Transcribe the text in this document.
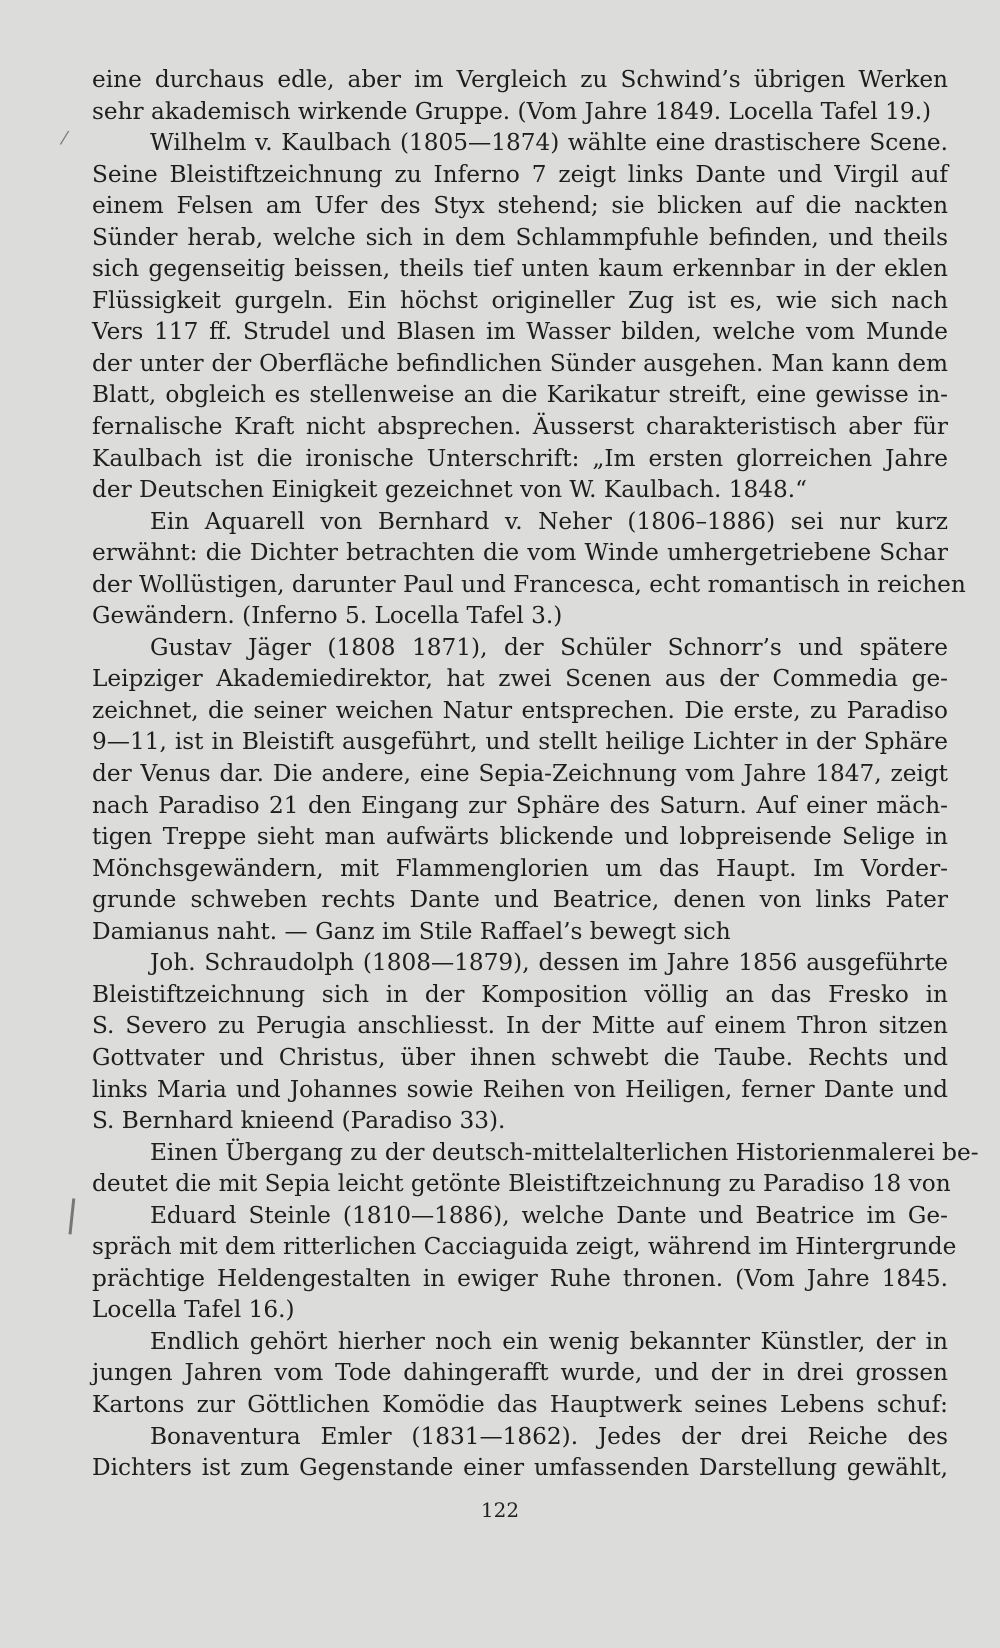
⁄
|
eine durchaus edle, aber im Vergleich zu Schwind’s übrigen Werken
sehr akademisch wirkende Gruppe. (Vom Jahre 1849. Locella Tafel 19.)
Wilhelm v. Kaulbach (1805—1874) wählte eine drastischere Scene.
Seine Bleistiftzeichnung zu Inferno 7 zeigt links Dante und Virgil auf
einem Felsen am Ufer des Styx stehend; sie blicken auf die nackten
Sünder herab, welche sich in dem Schlammpfuhle befinden, und theils
sich gegenseitig beissen, theils tief unten kaum erkennbar in der eklen
Flüssigkeit gurgeln. Ein höchst origineller Zug ist es, wie sich nach
Vers 117 ff. Strudel und Blasen im Wasser bilden, welche vom Munde
der unter der Oberfläche befindlichen Sünder ausgehen. Man kann dem
Blatt, obgleich es stellenweise an die Karikatur streift, eine gewisse in-
fernalische Kraft nicht absprechen. Äusserst charakteristisch aber für
Kaulbach ist die ironische Unterschrift: „Im ersten glorreichen Jahre
der Deutschen Einigkeit gezeichnet von W. Kaulbach. 1848.“
Ein Aquarell von Bernhard v. Neher (1806–1886) sei nur kurz
erwähnt: die Dichter betrachten die vom Winde umhergetriebene Schar
der Wollüstigen, darunter Paul und Francesca, echt romantisch in reichen
Gewändern. (Inferno 5. Locella Tafel 3.)
Gustav Jäger (1808 1871), der Schüler Schnorr’s und spätere
Leipziger Akademiedirektor, hat zwei Scenen aus der Commedia ge-
zeichnet, die seiner weichen Natur entsprechen. Die erste, zu Paradiso
9—11, ist in Bleistift ausgeführt, und stellt heilige Lichter in der Sphäre
der Venus dar. Die andere, eine Sepia-Zeichnung vom Jahre 1847, zeigt
nach Paradiso 21 den Eingang zur Sphäre des Saturn. Auf einer mäch-
tigen Treppe sieht man aufwärts blickende und lobpreisende Selige in
Mönchsgewändern, mit Flammenglorien um das Haupt. Im Vorder-
grunde schweben rechts Dante und Beatrice, denen von links Pater
Damianus naht. — Ganz im Stile Raffael’s bewegt sich
Joh. Schraudolph (1808—1879), dessen im Jahre 1856 ausgeführte
Bleistiftzeichnung sich in der Komposition völlig an das Fresko in
S. Severo zu Perugia anschliesst. In der Mitte auf einem Thron sitzen
Gottvater und Christus, über ihnen schwebt die Taube. Rechts und
links Maria und Johannes sowie Reihen von Heiligen, ferner Dante und
S. Bernhard knieend (Paradiso 33).
Einen Übergang zu der deutsch-mittelalterlichen Historienmalerei be-
deutet die mit Sepia leicht getönte Bleistiftzeichnung zu Paradiso 18 von
Eduard Steinle (1810—1886), welche Dante und Beatrice im Ge-
spräch mit dem ritterlichen Cacciaguida zeigt, während im Hintergrunde
prächtige Heldengestalten in ewiger Ruhe thronen. (Vom Jahre 1845.
Locella Tafel 16.)
Endlich gehört hierher noch ein wenig bekannter Künstler, der in
jungen Jahren vom Tode dahingerafft wurde, und der in drei grossen
Kartons zur Göttlichen Komödie das Hauptwerk seines Lebens schuf:
Bonaventura Emler (1831—1862). Jedes der drei Reiche des
Dichters ist zum Gegenstande einer umfassenden Darstellung gewählt,
122
